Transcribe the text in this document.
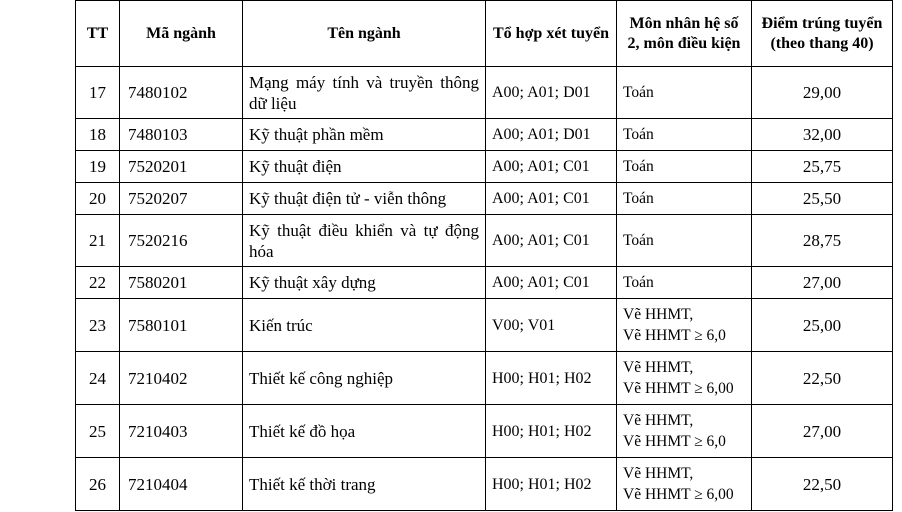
TT	Mã ngành	Tên ngành	Tổ hợp xét tuyển	Môn nhân hệ số
2, môn điều kiện	Điểm trúng tuyển
(theo thang 40)

17	7480102	Mạng máy tính và truyền thông dữ liệu	A00; A01; D01	Toán	29,00
18	7480103	Kỹ thuật phần mềm	A00; A01; D01	Toán	32,00
19	7520201	Kỹ thuật điện	A00; A01; C01	Toán	25,75
20	7520207	Kỹ thuật điện tử - viễn thông	A00; A01; C01	Toán	25,50
21	7520216	Kỹ thuật điều khiển và tự động hóa	A00; A01; C01	Toán	28,75
22	7580201	Kỹ thuật xây dựng	A00; A01; C01	Toán	27,00
23	7580101	Kiến trúc	V00; V01	Vẽ HHMT,
Vẽ HHMT ≥ 6,0	25,00
24	7210402	Thiết kế công nghiệp	H00; H01; H02	Vẽ HHMT,
Vẽ HHMT ≥ 6,00	22,50
25	7210403	Thiết kế đồ họa	H00; H01; H02	Vẽ HHMT,
Vẽ HHMT ≥ 6,0	27,00
26	7210404	Thiết kế thời trang	H00; H01; H02	Vẽ HHMT,
Vẽ HHMT ≥ 6,00	22,50
